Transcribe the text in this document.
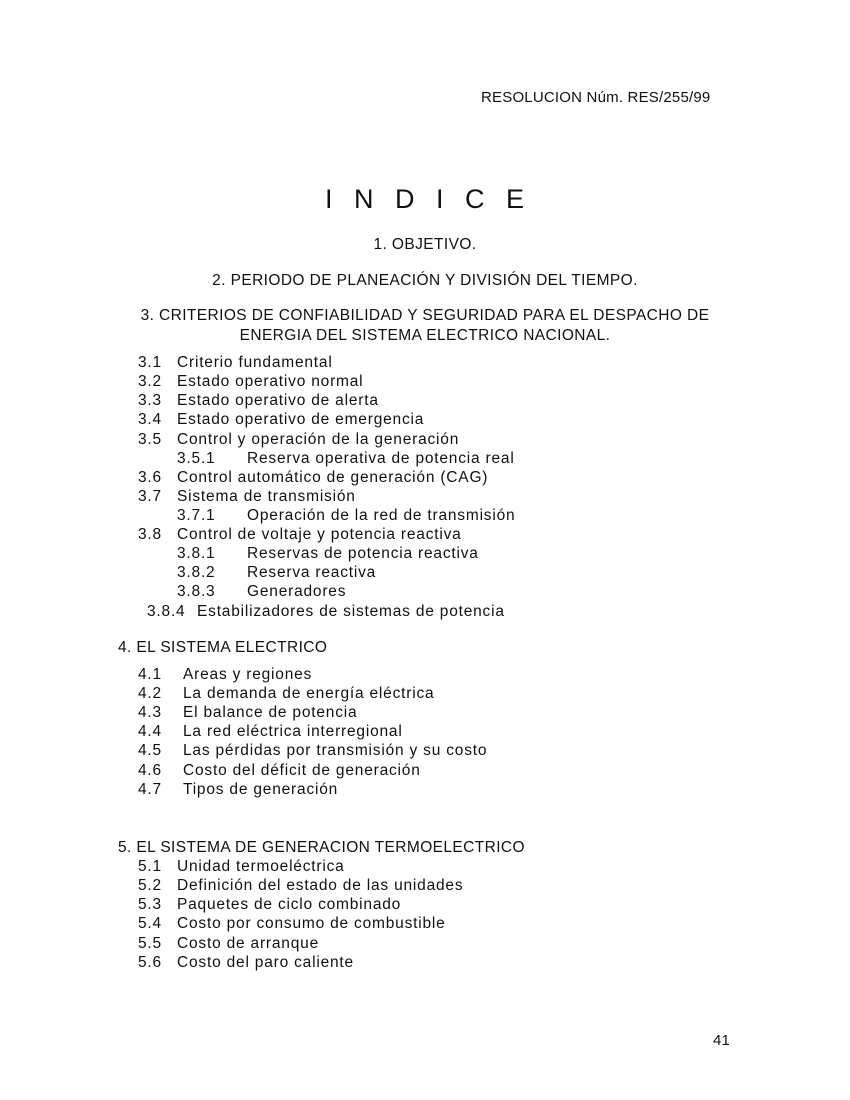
RESOLUCION Núm. RES/255/99
I N D I C E
1. OBJETIVO.
2. PERIODO DE PLANEACIÓN Y DIVISIÓN DEL TIEMPO.
3. CRITERIOS DE CONFIABILIDAD Y SEGURIDAD PARA EL DESPACHO DE
ENERGIA DEL SISTEMA ELECTRICO NACIONAL.
3.1 Criterio fundamental
3.2 Estado operativo normal
3.3 Estado operativo de alerta
3.4 Estado operativo de emergencia
3.5 Control y operación de la generación
3.5.1 Reserva operativa de potencia real
3.6 Control automático de generación (CAG)
3.7 Sistema de transmisión
3.7.1 Operación de la red de transmisión
3.8 Control de voltaje y potencia reactiva
3.8.1 Reservas de potencia reactiva
3.8.2 Reserva reactiva
3.8.3 Generadores
3.8.4 Estabilizadores de sistemas de potencia
4. EL SISTEMA ELECTRICO
4.1 Areas y regiones
4.2 La demanda de energía eléctrica
4.3 El balance de potencia
4.4 La red eléctrica interregional
4.5 Las pérdidas por transmisión y su costo
4.6 Costo del déficit de generación
4.7 Tipos de generación
5. EL SISTEMA DE GENERACION TERMOELECTRICO
5.1 Unidad termoeléctrica
5.2 Definición del estado de las unidades
5.3 Paquetes de ciclo combinado
5.4 Costo por consumo de combustible
5.5 Costo de arranque
5.6 Costo del paro caliente
41
